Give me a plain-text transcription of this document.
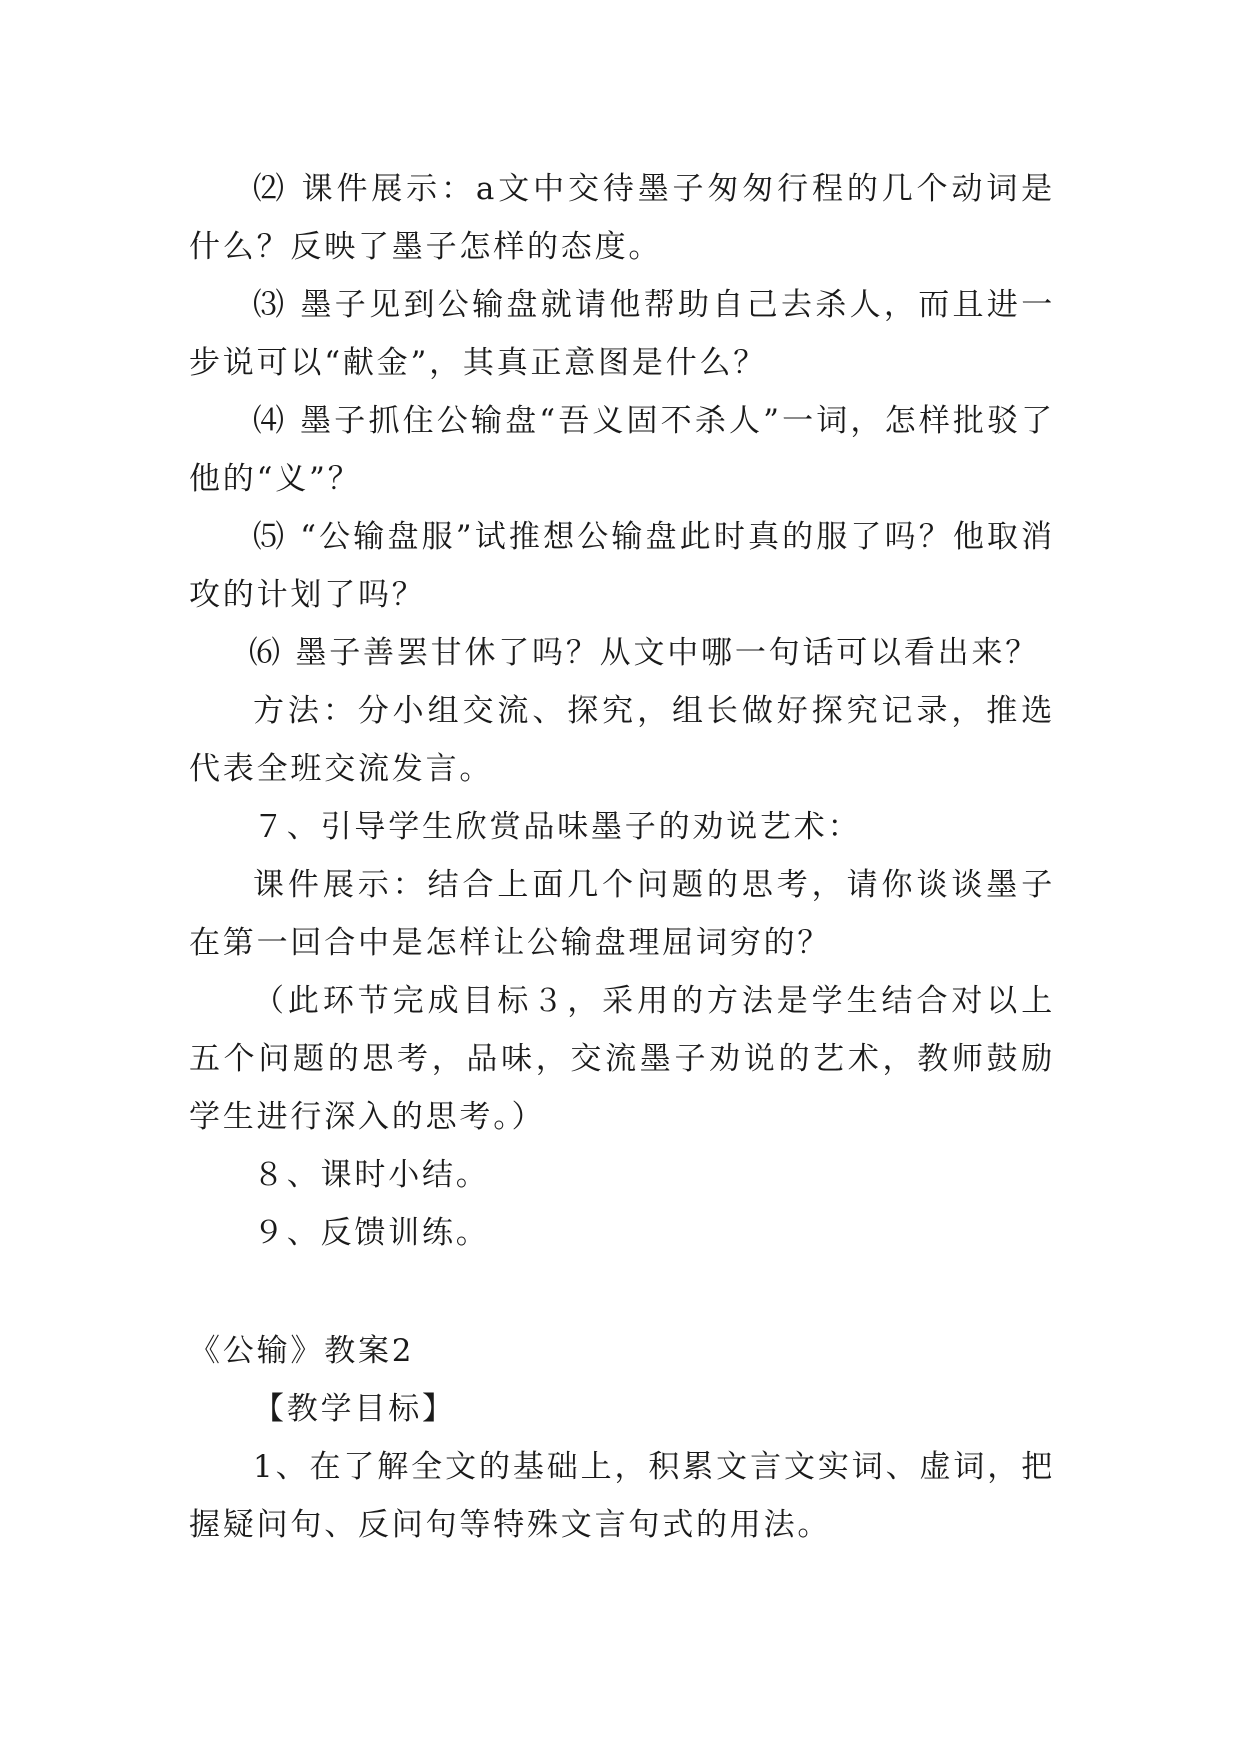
⑵ 课件展示：a文中交待墨子匆匆行程的几个动词是什么？反映了墨子怎样的态度。

⑶ 墨子见到公输盘就请他帮助自己去杀人，而且进一步说可以“献金”，其真正意图是什么？

⑷ 墨子抓住公输盘“吾义固不杀人”一词，怎样批驳了他的“义”？

⑸ “公输盘服”试推想公输盘此时真的服了吗？他取消攻的计划了吗？

⑹ 墨子善罢甘休了吗？从文中哪一句话可以看出来？

方法：分小组交流、探究，组长做好探究记录，推选代表全班交流发言。

７、引导学生欣赏品味墨子的劝说艺术：

课件展示：结合上面几个问题的思考，请你谈谈墨子在第一回合中是怎样让公输盘理屈词穷的？

（此环节完成目标３，采用的方法是学生结合对以上五个问题的思考，品味，交流墨子劝说的艺术，教师鼓励学生进行深入的思考。）

８、课时小结。

９、反馈训练。

《公输》教案2

【教学目标】

1、在了解全文的基础上，积累文言文实词、虚词，把握疑问句、反问句等特殊文言句式的用法。
